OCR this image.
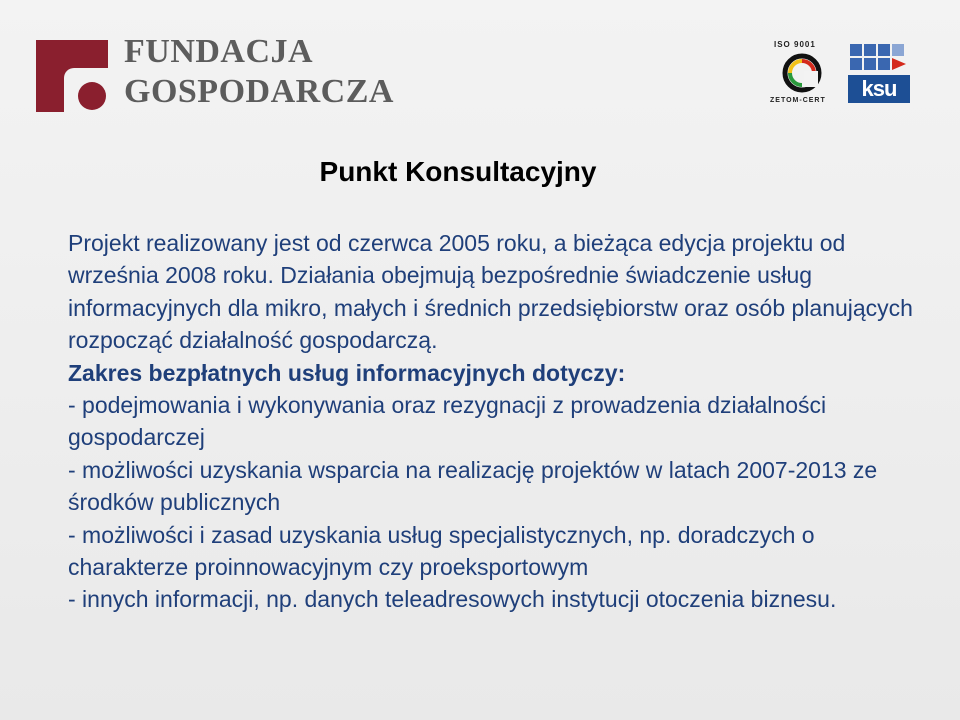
FUNDACJA
GOSPODARCZA
ISO 9001
ZETOM-CERT	ksu
Punkt Konsultacyjny

Projekt realizowany jest od czerwca 2005 roku, a bieżąca edycja projektu od września 2008 roku. Działania obejmują bezpośrednie świadczenie usług informacyjnych dla mikro, małych i średnich przedsiębiorstw oraz osób planujących rozpocząć działalność gospodarczą.

Zakres bezpłatnych usług informacyjnych dotyczy:

- podejmowania i wykonywania oraz rezygnacji z prowadzenia działalności gospodarczej

- możliwości uzyskania wsparcia na realizację projektów w latach 2007-2013 ze środków publicznych

- możliwości i zasad uzyskania usług specjalistycznych, np. doradczych o charakterze proinnowacyjnym czy proeksportowym

- innych informacji, np. danych teleadresowych instytucji otoczenia biznesu.
